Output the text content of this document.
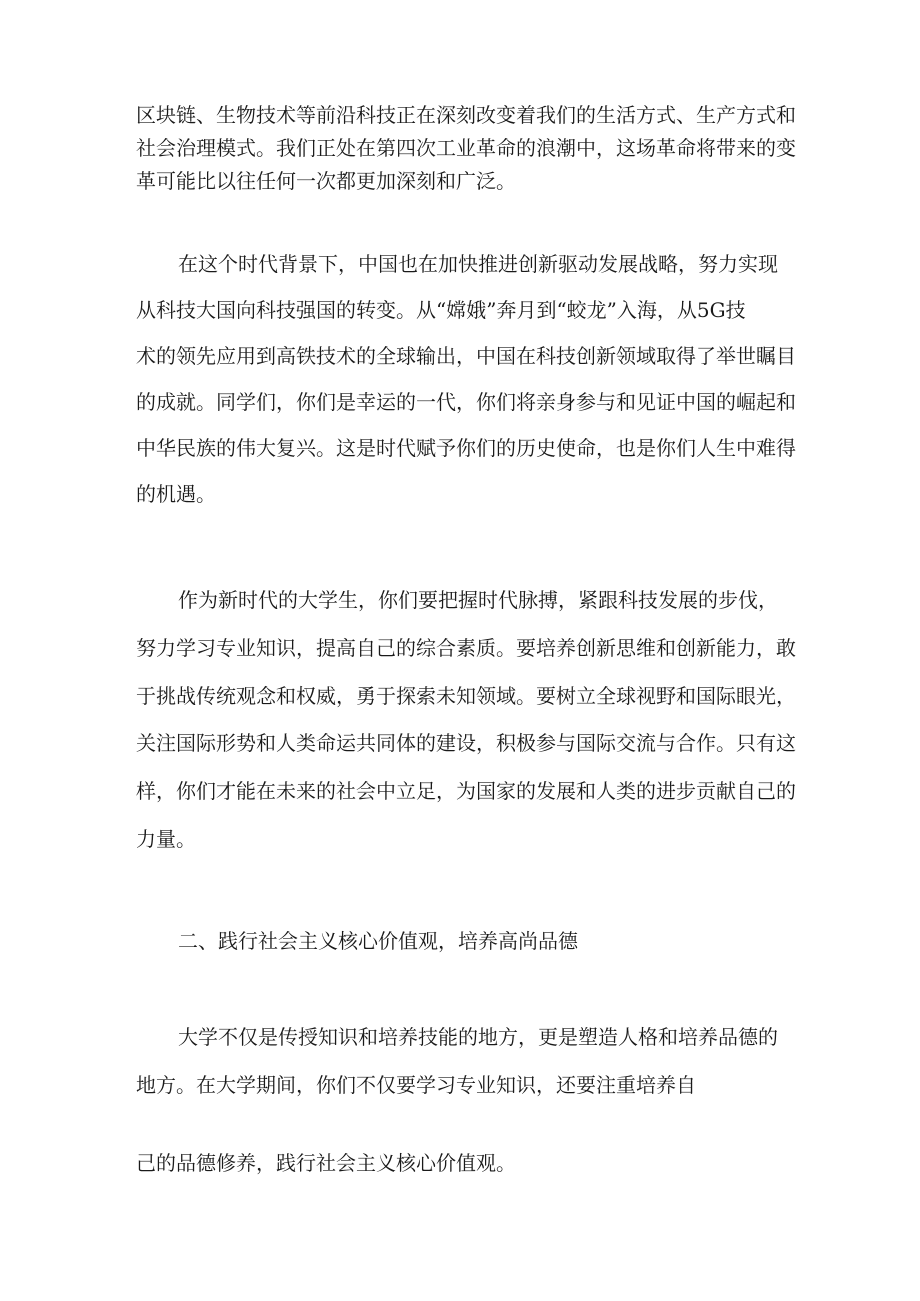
区块链、生物技术等前沿科技正在深刻改变着我们的生活方式、生产方式和
社会治理模式。我们正处在第四次工业革命的浪潮中，这场革命将带来的变
革可能比以往任何一次都更加深刻和广泛。
在这个时代背景下，中国也在加快推进创新驱动发展战略，努力实现
从科技大国向科技强国的转变。从“嫦娥”奔月到“蛟龙”入海，从5G技
术的领先应用到高铁技术的全球输出，中国在科技创新领域取得了举世瞩目
的成就。同学们，你们是幸运的一代，你们将亲身参与和见证中国的崛起和
中华民族的伟大复兴。这是时代赋予你们的历史使命，也是你们人生中难得
的机遇。
作为新时代的大学生，你们要把握时代脉搏，紧跟科技发展的步伐，
努力学习专业知识，提高自己的综合素质。要培养创新思维和创新能力，敢
于挑战传统观念和权威，勇于探索未知领域。要树立全球视野和国际眼光，
关注国际形势和人类命运共同体的建设，积极参与国际交流与合作。只有这
样，你们才能在未来的社会中立足，为国家的发展和人类的进步贡献自己的
力量。
二、践行社会主义核心价值观，培养高尚品德
大学不仅是传授知识和培养技能的地方，更是塑造人格和培养品德的
地方。在大学期间，你们不仅要学习专业知识，还要注重培养自
己的品德修养，践行社会主义核心价值观。
